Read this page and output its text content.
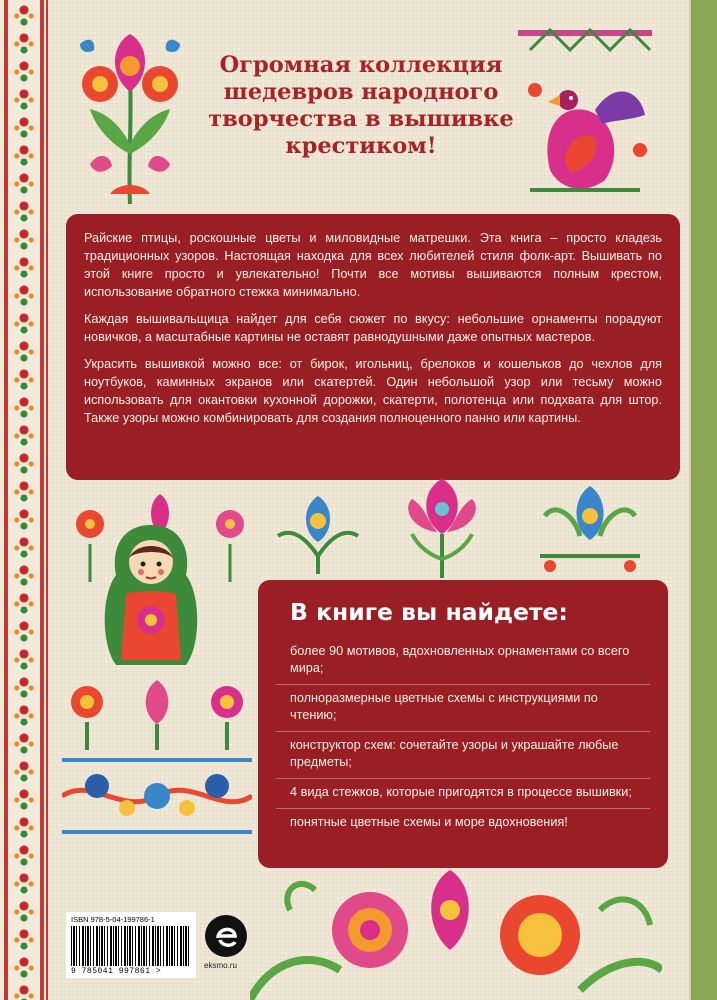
Огромная коллекция шедевров народного творчества в вышивке крестиком!

Райские птицы, роскошные цветы и миловидные матрешки. Эта книга – просто кладезь традиционных узоров. Настоящая находка для всех любителей стиля фолк-арт. Вышивать по этой книге просто и увлекательно! Почти все мотивы вышиваются полным крестом, использование обратного стежка минимально.

Каждая вышивальщица найдет для себя сюжет по вкусу: небольшие орнаменты порадуют новичков, а масштабные картины не оставят равнодушными даже опытных мастеров.

Украсить вышивкой можно все: от бирок, игольниц, брелоков и кошельков до чехлов для ноутбуков, каминных экранов или скатертей. Один небольшой узор или тесьму можно использовать для окантовки кухонной дорожки, скатерти, полотенца или подхвата для штор. Также узоры можно комбинировать для создания полноценного панно или картины.

В книге вы найдете:
более 90 мотивов, вдохновленных орнаментами со всего мира;
полноразмерные цветные схемы с инструкциями по чтению;
конструктор схем: сочетайте узоры и украшайте любые предметы;
4 вида стежков, которые пригодятся в процессе вышивки;
понятные цветные схемы и море вдохновения!
ISBN 978-5-04-199786-1
9 785041 997861 >
eksmo.ru
